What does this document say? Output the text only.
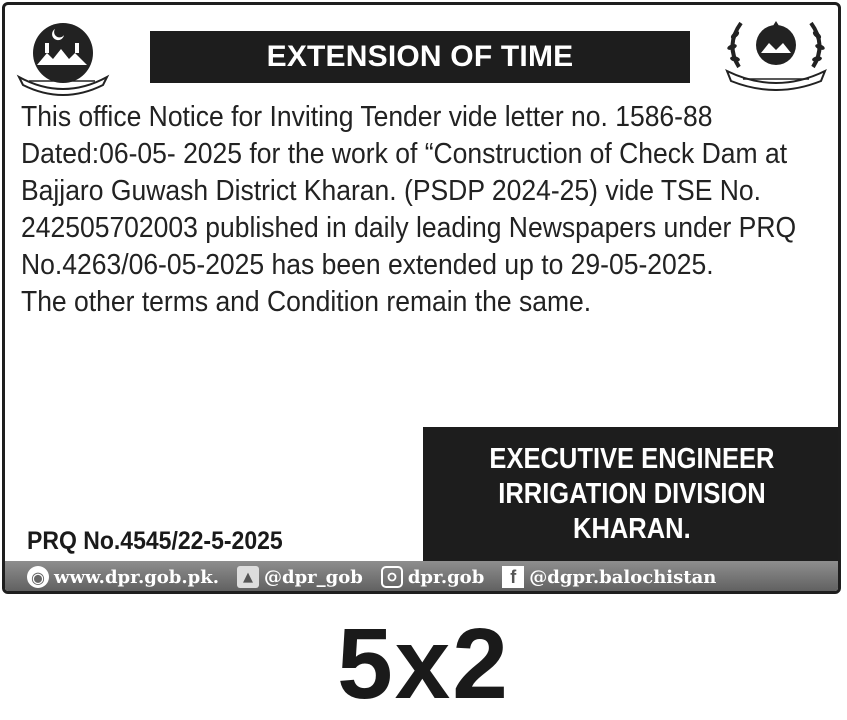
EXTENSION OF TIME
This office Notice for Inviting Tender vide letter no. 1586-88
Dated:06-05- 2025 for the work of “Construction of Check Dam at
Bajjaro Guwash District Kharan. (PSDP 2024-25) vide TSE No.
242505702003 published in daily leading Newspapers under PRQ
No.4263/06-05-2025 has been extended up to 29-05-2025.
The other terms and Condition remain the same.
EXECUTIVE ENGINEER
IRRIGATION DIVISION
KHARAN.
PRQ No.4545/22-5-2025
◉ www.dpr.gob.pk.	▲ @dpr_gob	dpr.gob	f @dgpr.balochistan
5x2
